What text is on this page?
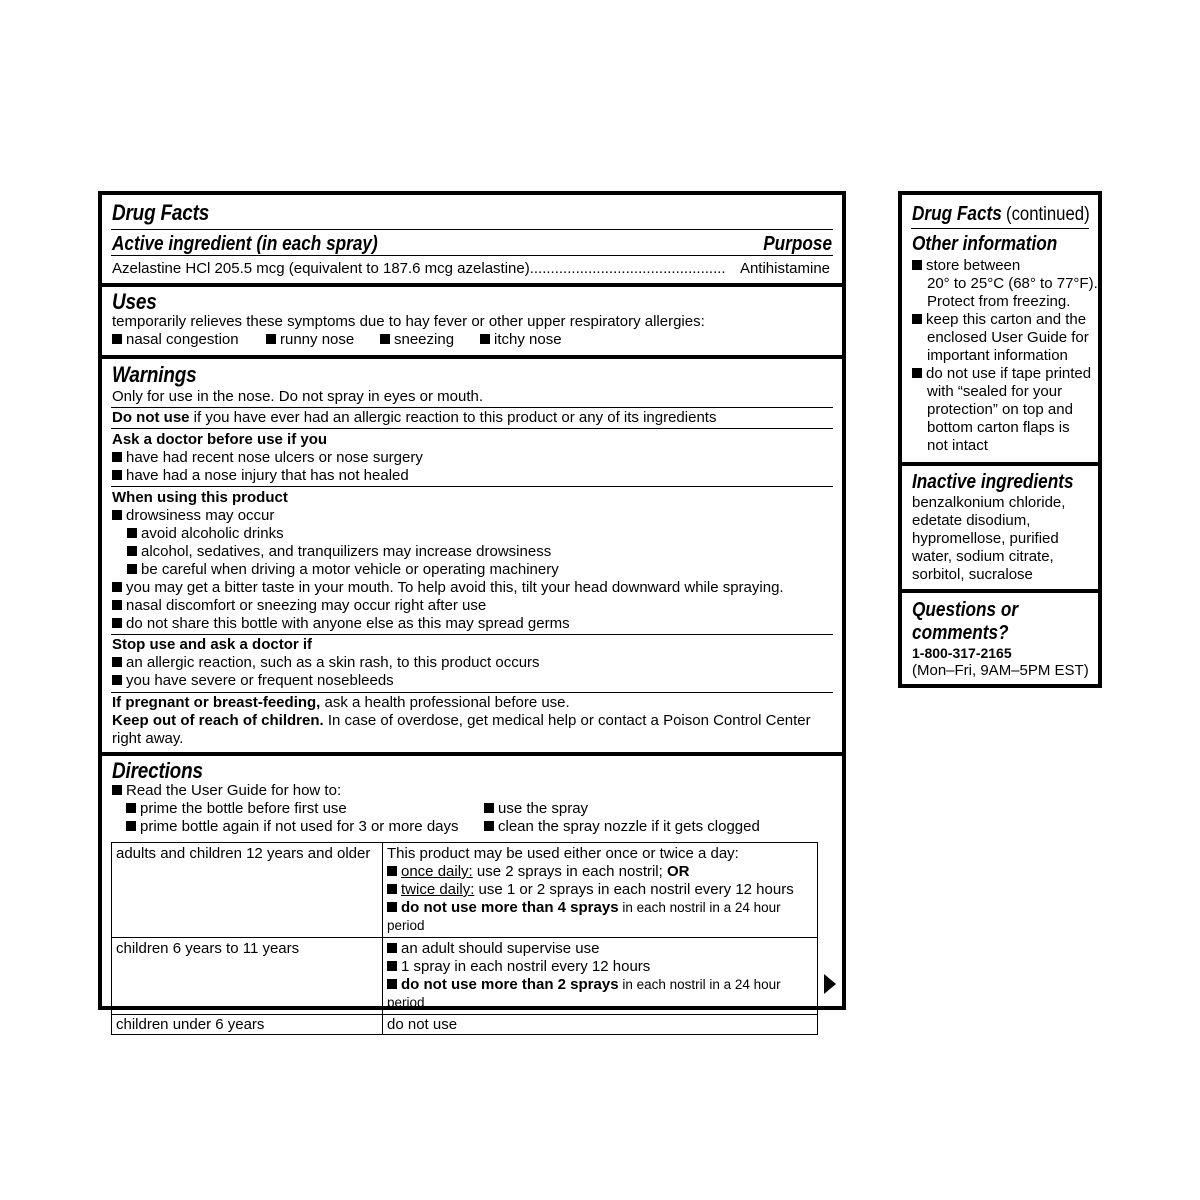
Drug Facts
Active ingredient (in each spray)	Purpose
Azelastine HCl 205.5 mcg (equivalent to 187.6 mcg azelastine)............................................... Antihistamine
Uses
temporarily relieves these symptoms due to hay fever or other upper respiratory allergies:
nasal congestion	runny nose	sneezing	itchy nose
Warnings
Only for use in the nose. Do not spray in eyes or mouth.
Do not use if you have ever had an allergic reaction to this product or any of its ingredients
Ask a doctor before use if you
have had recent nose ulcers or nose surgery
have had a nose injury that has not healed
When using this product
drowsiness may occur
avoid alcoholic drinks
alcohol, sedatives, and tranquilizers may increase drowsiness
be careful when driving a motor vehicle or operating machinery
you may get a bitter taste in your mouth. To help avoid this, tilt your head downward while spraying.
nasal discomfort or sneezing may occur right after use
do not share this bottle with anyone else as this may spread germs
Stop use and ask a doctor if
an allergic reaction, such as a skin rash, to this product occurs
you have severe or frequent nosebleeds
If pregnant or breast-feeding, ask a health professional before use.
Keep out of reach of children. In case of overdose, get medical help or contact a Poison Control Center
right away.
Directions
Read the User Guide for how to:
prime the bottle before first use
prime bottle again if not used for 3 or more days
use the spray
clean the spray nozzle if it gets clogged
adults and children 12 years and older	This product may be used either once or twice a day:
once daily: use 2 sprays in each nostril; OR
twice daily: use 1 or 2 sprays in each nostril every 12 hours
do not use more than 4 sprays in each nostril in a 24 hour period

children 6 years to 11 years	an adult should supervise use
1 spray in each nostril every 12 hours
do not use more than 2 sprays in each nostril in a 24 hour period

children under 6 years	do not use
Drug Facts(continued)
Other information
store between
20° to 25°C (68° to 77°F).
Protect from freezing.
keep this carton and the
enclosed User Guide for
important information
do not use if tape printed
with “sealed for your
protection” on top and
bottom carton flaps is
not intact
Inactive ingredients
benzalkonium chloride,
edetate disodium,
hypromellose, purified
water, sodium citrate,
sorbitol, sucralose
Questions or
comments?
1-800-317-2165
(Mon–Fri, 9AM–5PM EST)
